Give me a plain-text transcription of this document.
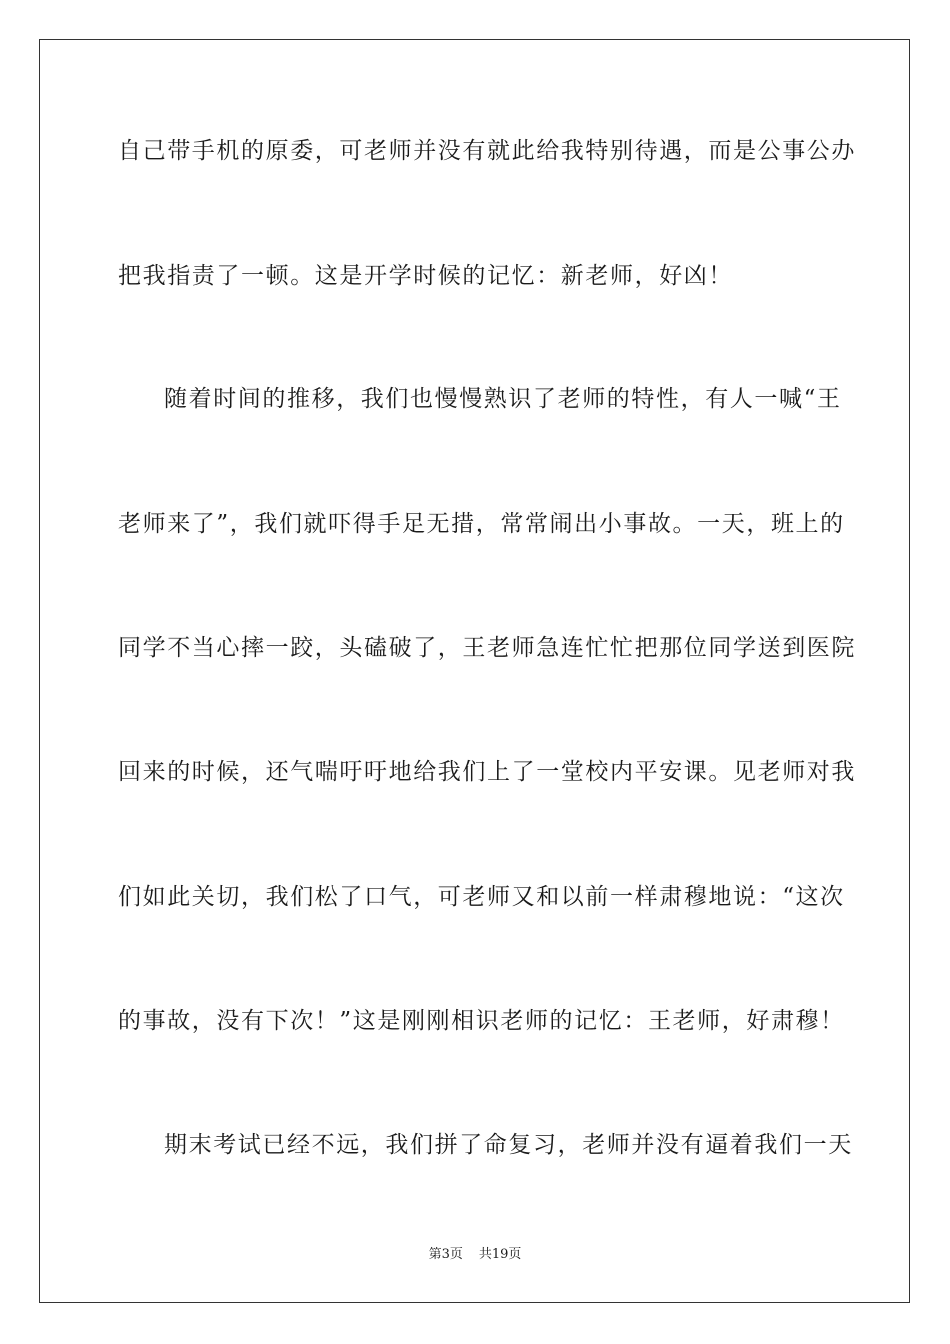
自己带手机的原委，可老师并没有就此给我特别待遇，而是公事公办
把我指责了一顿。这是开学时候的记忆：新老师，好凶！
随着时间的推移，我们也慢慢熟识了老师的特性，有人一喊“王
老师来了”，我们就吓得手足无措，常常闹出小事故。一天，班上的
同学不当心摔一跤，头磕破了，王老师急连忙忙把那位同学送到医院
回来的时候，还气喘吁吁地给我们上了一堂校内平安课。见老师对我
们如此关切，我们松了口气，可老师又和以前一样肃穆地说：“这次
的事故，没有下次！”这是刚刚相识老师的记忆：王老师，好肃穆！
期末考试已经不远，我们拼了命复习，老师并没有逼着我们一天
第3页 共19页
